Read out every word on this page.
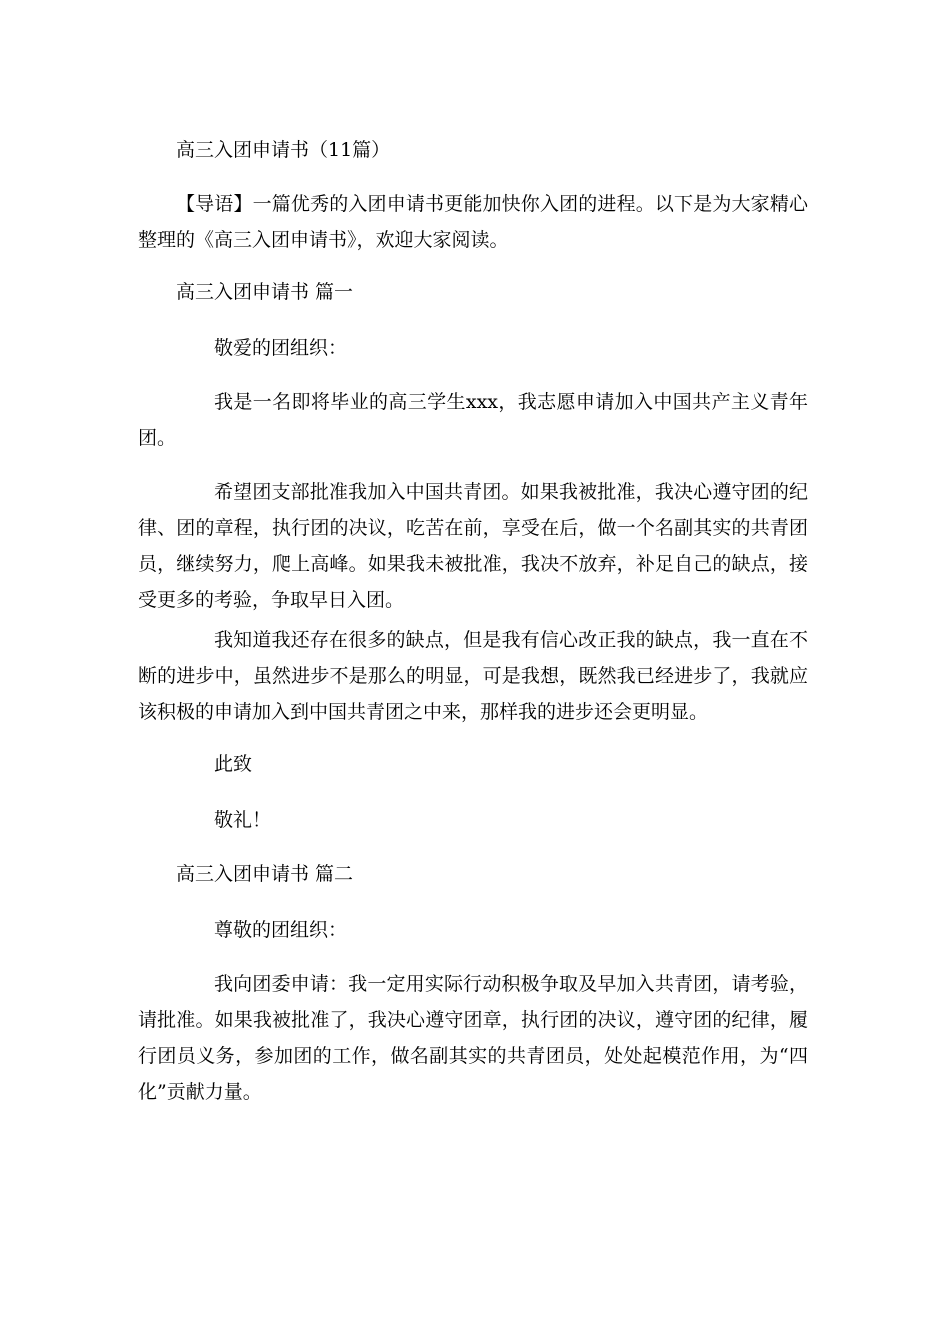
高三入团申请书（11篇）

【导语】一篇优秀的入团申请书更能加快你入团的进程。以下是为大家精心整理的《高三入团申请书》，欢迎大家阅读。

高三入团申请书 篇一
敬爱的团组织：

我是一名即将毕业的高三学生xxx，我志愿申请加入中国共产主义青年团。

希望团支部批准我加入中国共青团。如果我被批准，我决心遵守团的纪律、团的章程，执行团的决议，吃苦在前，享受在后，做一个名副其实的共青团员，继续努力，爬上高峰。如果我未被批准，我决不放弃，补足自己的缺点，接受更多的考验，争取早日入团。

我知道我还存在很多的缺点，但是我有信心改正我的缺点，我一直在不断的进步中，虽然进步不是那么的明显，可是我想，既然我已经进步了，我就应该积极的申请加入到中国共青团之中来，那样我的进步还会更明显。

此致
敬礼！
高三入团申请书 篇二
尊敬的团组织：

我向团委申请：我一定用实际行动积极争取及早加入共青团，请考验，请批准。如果我被批准了，我决心遵守团章，执行团的决议，遵守团的纪律，履行团员义务，参加团的工作，做名副其实的共青团员，处处起模范作用，为“四化”贡献力量。
